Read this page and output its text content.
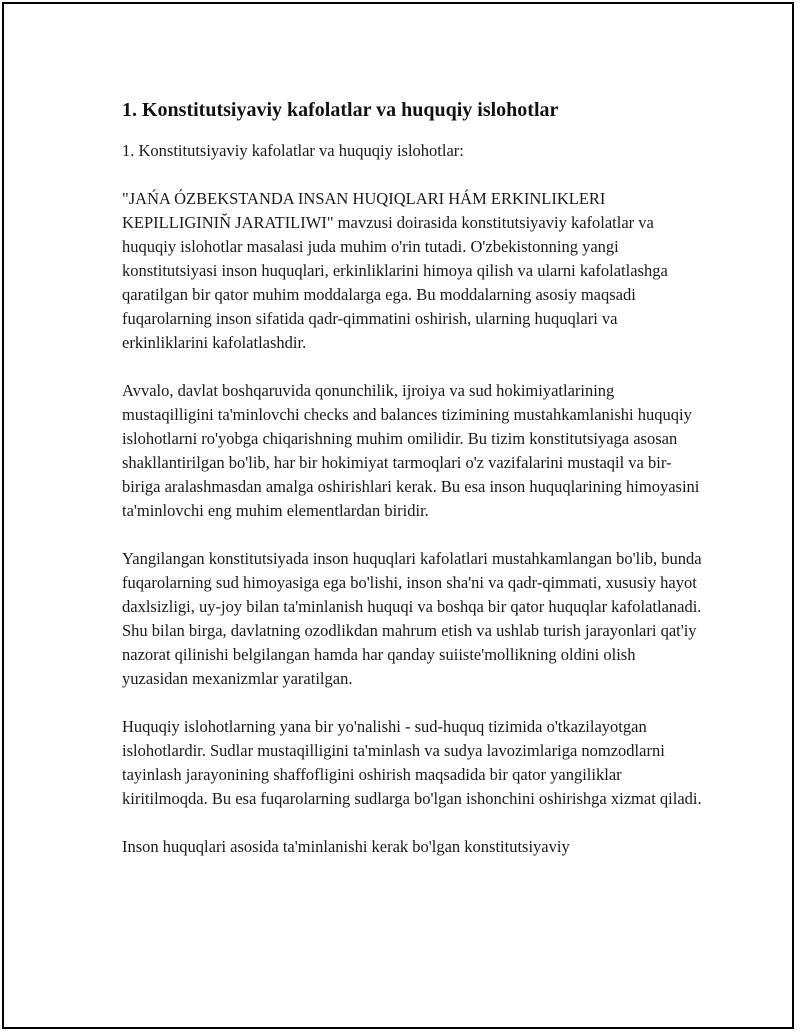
1. Konstitutsiyaviy kafolatlar va huquqiy islohotlar

1. Konstitutsiyaviy kafolatlar va huquqiy islohotlar:

"JAŃA ÓZBEKSTANDA INSAN HUQIQLARI HÁM ERKINLIKLERI KEPILLIGININ̆ JARATILIWI" mavzusi doirasida konstitutsiyaviy kafolatlar va huquqiy islohotlar masalasi juda muhim o'rin tutadi. O'zbekistonning yangi konstitutsiyasi inson huquqlari, erkinliklarini himoya qilish va ularni kafolatlashga qaratilgan bir qator muhim moddalarga ega. Bu moddalarning asosiy maqsadi fuqarolarning inson sifatida qadr-qimmatini oshirish, ularning huquqlari va erkinliklarini kafolatlashdir.

Avvalo, davlat boshqaruvida qonunchilik, ijroiya va sud hokimiyatlarining mustaqilligini ta'minlovchi checks and balances tizimining mustahkamlanishi huquqiy islohotlarni ro'yobga chiqarishning muhim omilidir. Bu tizim konstitutsiyaga asosan shakllantirilgan bo'lib, har bir hokimiyat tarmoqlari o'z vazifalarini mustaqil va bir-biriga aralashmasdan amalga oshirishlari kerak. Bu esa inson huquqlarining himoyasini ta'minlovchi eng muhim elementlardan biridir.

Yangilangan konstitutsiyada inson huquqlari kafolatlari mustahkamlangan bo'lib, bunda fuqarolarning sud himoyasiga ega bo'lishi, inson sha'ni va qadr-qimmati, xususiy hayot daxlsizligi, uy-joy bilan ta'minlanish huquqi va boshqa bir qator huquqlar kafolatlanadi. Shu bilan birga, davlatning ozodlikdan mahrum etish va ushlab turish jarayonlari qat'iy nazorat qilinishi belgilangan hamda har qanday suiiste'mollikning oldini olish yuzasidan mexanizmlar yaratilgan.

Huquqiy islohotlarning yana bir yo'nalishi - sud-huquq tizimida o'tkazilayotgan islohotlardir. Sudlar mustaqilligini ta'minlash va sudya lavozimlariga nomzodlarni tayinlash jarayonining shaffofligini oshirish maqsadida bir qator yangiliklar kiritilmoqda. Bu esa fuqarolarning sudlarga bo'lgan ishonchini oshirishga xizmat qiladi.

Inson huquqlari asosida ta'minlanishi kerak bo'lgan konstitutsiyaviy
